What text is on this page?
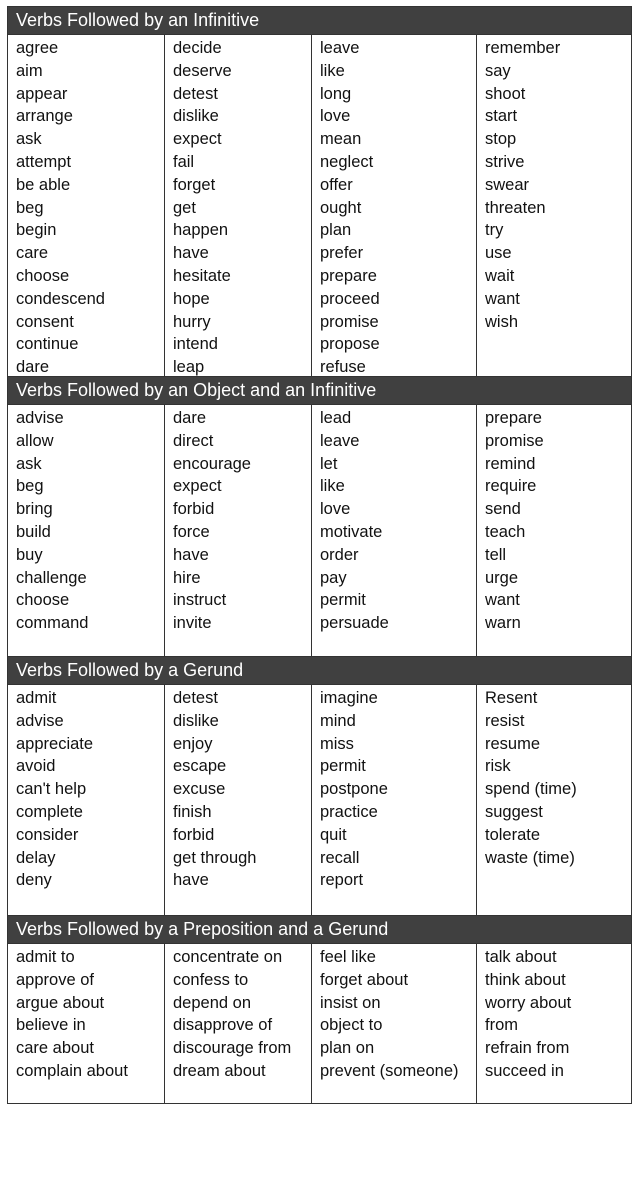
Verbs Followed by an Infinitive
agree
aim
appear
arrange
ask
attempt
be able
beg
begin
care
choose
condescend
consent
continue
dare
decide
deserve
detest
dislike
expect
fail
forget
get
happen
have
hesitate
hope
hurry
intend
leap
leave
like
long
love
mean
neglect
offer
ought
plan
prefer
prepare
proceed
promise
propose
refuse
remember
say
shoot
start
stop
strive
swear
threaten
try
use
wait
want
wish
Verbs Followed by an Object and an Infinitive
advise
allow
ask
beg
bring
build
buy
challenge
choose
command
dare
direct
encourage
expect
forbid
force
have
hire
instruct
invite
lead
leave
let
like
love
motivate
order
pay
permit
persuade
prepare
promise
remind
require
send
teach
tell
urge
want
warn
Verbs Followed by a Gerund
admit
advise
appreciate
avoid
can't help
complete
consider
delay
deny
detest
dislike
enjoy
escape
excuse
finish
forbid
get through
have
imagine
mind
miss
permit
postpone
practice
quit
recall
report
Resent
resist
resume
risk
spend (time)
suggest
tolerate
waste (time)
Verbs Followed by a Preposition and a Gerund
admit to
approve of
argue about
believe in
care about
complain about
concentrate on
confess to
depend on
disapprove of
discourage from
dream about
feel like
forget about
insist on
object to
plan on
prevent (someone)
talk about
think about
worry about
from
refrain from
succeed in
